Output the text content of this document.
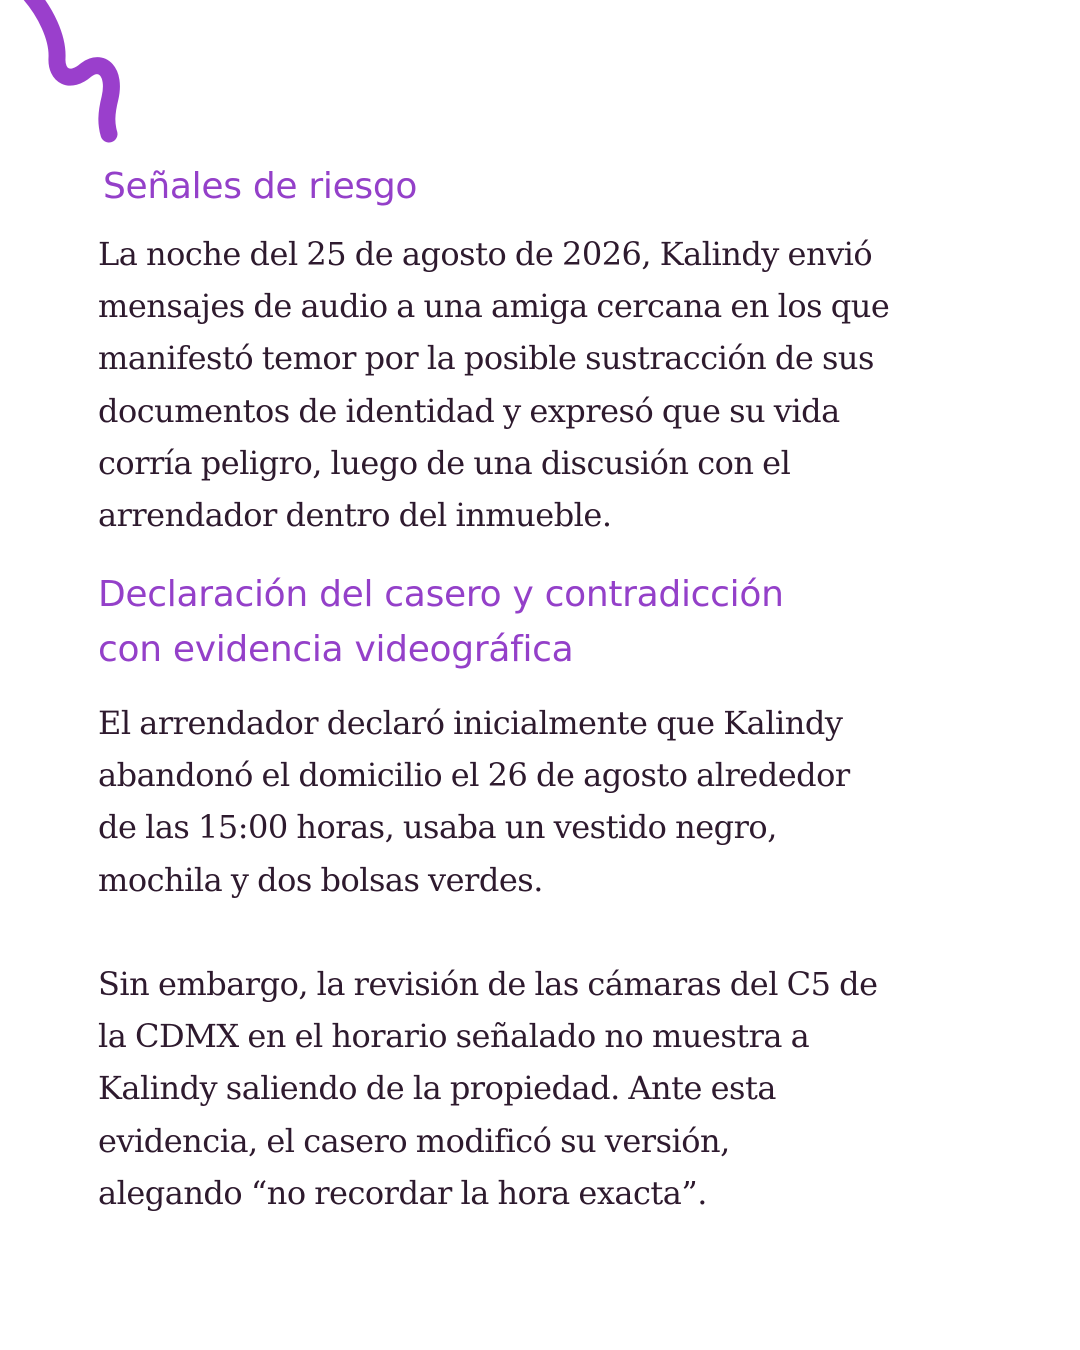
Señales de riesgo

La noche del 25 de agosto de 2026, Kalindy envió
mensajes de audio a una amiga cercana en los que
manifestó temor por la posible sustracción de sus
documentos de identidad y expresó que su vida
corría peligro, luego de una discusión con el
arrendador dentro del inmueble.

Declaración del casero y contradicción
con evidencia videográfica

El arrendador declaró inicialmente que Kalindy
abandonó el domicilio el 26 de agosto alrededor
de las 15:00 horas, usaba un vestido negro,
mochila y dos bolsas verdes.

Sin embargo, la revisión de las cámaras del C5 de
la CDMX en el horario señalado no muestra a
Kalindy saliendo de la propiedad. Ante esta
evidencia, el casero modificó su versión,
alegando “no recordar la hora exacta”.
